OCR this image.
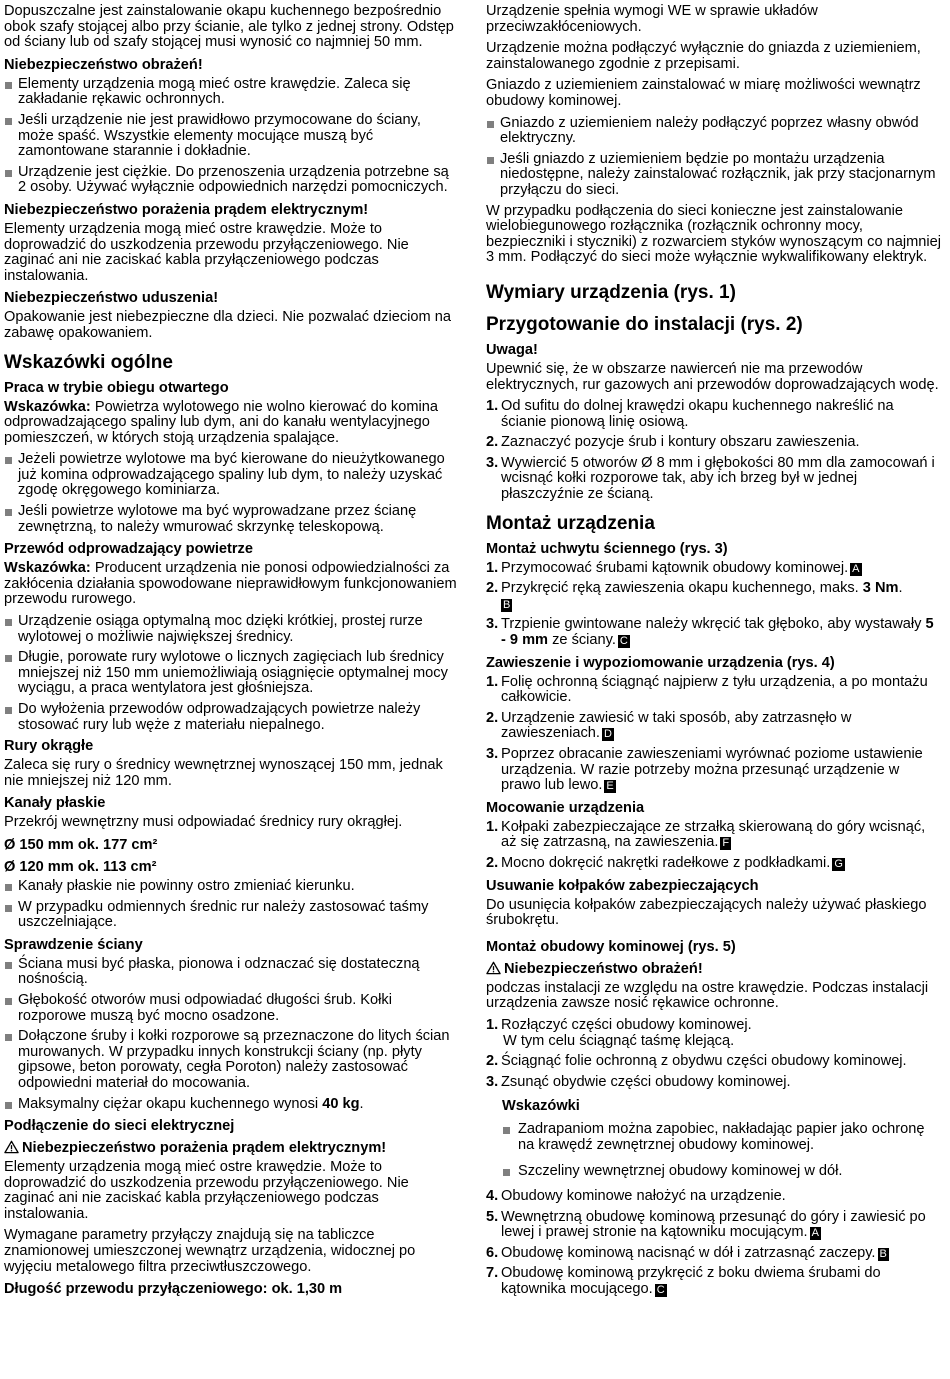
Dopuszczalne jest zainstalowanie okapu kuchennego bezpośrednio obok szafy stojącej albo przy ścianie, ale tylko z jednej strony. Odstęp od ściany lub od szafy stojącej musi wynosić co najmniej 50 mm.

Niebezpieczeństwo obrażeń!
Elementy urządzenia mogą mieć ostre krawędzie. Zaleca się zakładanie rękawic ochronnych.
Jeśli urządzenie nie jest prawidłowo przymocowane do ściany, może spaść. Wszystkie elementy mocujące muszą być zamontowane starannie i dokładnie.
Urządzenie jest ciężkie. Do przenoszenia urządzenia potrzebne są 2 osoby. Używać wyłącznie odpowiednich narzędzi pomocniczych.
Niebezpieczeństwo porażenia prądem elektrycznym!

Elementy urządzenia mogą mieć ostre krawędzie. Może to doprowadzić do uszkodzenia przewodu przyłączeniowego. Nie zaginać ani nie zaciskać kabla przyłączeniowego podczas instalowania.

Niebezpieczeństwo uduszenia!

Opakowanie jest niebezpieczne dla dzieci. Nie pozwalać dzieciom na zabawę opakowaniem.

Wskazówki ogólne
Praca w trybie obiegu otwartego

Wskazówka: Powietrza wylotowego nie wolno kierować do komina odprowadzającego spaliny lub dym, ani do kanału wentylacyjnego pomieszczeń, w których stoją urządzenia spalające.

Jeżeli powietrze wylotowe ma być kierowane do nieużytkowanego już komina odprowadzającego spaliny lub dym, to należy uzyskać zgodę okręgowego kominiarza.
Jeśli powietrze wylotowe ma być wyprowadzane przez ścianę zewnętrzną, to należy wmurować skrzynkę teleskopową.
Przewód odprowadzający powietrze

Wskazówka: Producent urządzenia nie ponosi odpowiedzialności za zakłócenia działania spowodowane nieprawidłowym funkcjonowaniem przewodu rurowego.

Urządzenie osiąga optymalną moc dzięki krótkiej, prostej rurze wylotowej o możliwie największej średnicy.
Długie, porowate rury wylotowe o licznych zagięciach lub średnicy mniejszej niż 150 mm uniemożliwiają osiągnięcie optymalnej mocy wyciągu, a praca wentylatora jest głośniejsza.
Do wyłożenia przewodów odprowadzających powietrze należy stosować rury lub węże z materiału niepalnego.
Rury okrągłe

Zaleca się rury o średnicy wewnętrznej wynoszącej 150 mm, jednak nie mniejszej niż 120 mm.

Kanały płaskie

Przekrój wewnętrzny musi odpowiadać średnicy rury okrągłej.

Ø 150 mm ok. 177 cm²
Ø 120 mm ok. 113 cm²
Kanały płaskie nie powinny ostro zmieniać kierunku.
W przypadku odmiennych średnic rur należy zastosować taśmy uszczelniające.
Sprawdzenie ściany
Ściana musi być płaska, pionowa i odznaczać się dostateczną nośnością.
Głębokość otworów musi odpowiadać długości śrub. Kołki rozporowe muszą być mocno osadzone.
Dołączone śruby i kołki rozporowe są przeznaczone do litych ścian murowanych. W przypadku innych konstrukcji ściany (np. płyty gipsowe, beton porowaty, cegła Poroton) należy zastosować odpowiedni materiał do mocowania.
Maksymalny ciężar okapu kuchennego wynosi 40 kg.
Podłączenie do sieci elektrycznej
Niebezpieczeństwo porażenia prądem elektrycznym!

Elementy urządzenia mogą mieć ostre krawędzie. Może to doprowadzić do uszkodzenia przewodu przyłączeniowego. Nie zaginać ani nie zaciskać kabla przyłączeniowego podczas instalowania.

Wymagane parametry przyłączy znajdują się na tabliczce znamionowej umieszczonej wewnątrz urządzenia, widocznej po wyjęciu metalowego filtra przeciwtłuszczowego.

Długość przewodu przyłączeniowego: ok. 1,30 m

Urządzenie spełnia wymogi WE w sprawie układów przeciwzakłóceniowych.

Urządzenie można podłączyć wyłącznie do gniazda z uziemieniem, zainstalowanego zgodnie z przepisami.

Gniazdo z uziemieniem zainstalować w miarę możliwości wewnątrz obudowy kominowej.

Gniazdo z uziemieniem należy podłączyć poprzez własny obwód elektryczny.
Jeśli gniazdo z uziemieniem będzie po montażu urządzenia niedostępne, należy zainstalować rozłącznik, jak przy stacjonarnym przyłączu do sieci.

W przypadku podłączenia do sieci konieczne jest zainstalowanie wielobiegunowego rozłącznika (rozłącznik ochronny mocy, bezpieczniki i styczniki) z rozwarciem styków wynoszącym co najmniej 3 mm. Podłączyć do sieci może wyłącznie wykwalifikowany elektryk.

Wymiary urządzenia (rys. 1)
Przygotowanie do instalacji (rys. 2)
Uwaga!

Upewnić się, że w obszarze nawierceń nie ma przewodów elektrycznych, rur gazowych ani przewodów doprowadzających wodę.

1. Od sufitu do dolnej krawędzi okapu kuchennego nakreślić na ścianie pionową linię osiową.
2. Zaznaczyć pozycje śrub i kontury obszaru zawieszenia.
3. Wywiercić 5 otworów Ø 8 mm i głębokości 80 mm dla zamocowań i wcisnąć kołki rozporowe tak, aby ich brzeg był w jednej płaszczyźnie ze ścianą.
Montaż urządzenia
Montaż uchwytu ściennego (rys. 3)
1. Przymocować śrubami kątownik obudowy kominowej. A
2. Przykręcić ręką zawieszenia okapu kuchennego, maks. 3 Nm.
B
3. Trzpienie gwintowane należy wkręcić tak głęboko, aby wystawały 5 - 9 mm ze ściany. C
Zawieszenie i wypoziomowanie urządzenia (rys. 4)
1. Folię ochronną ściągnąć najpierw z tyłu urządzenia, a po montażu całkowicie.
2. Urządzenie zawiesić w taki sposób, aby zatrzasnęło w zawieszeniach. D
3. Poprzez obracanie zawieszeniami wyrównać poziome ustawienie urządzenia. W razie potrzeby można przesunąć urządzenie w prawo lub lewo. E
Mocowanie urządzenia
1. Kołpaki zabezpieczające ze strzałką skierowaną do góry wcisnąć, aż się zatrzasną, na zawieszenia. F
2. Mocno dokręcić nakrętki radełkowe z podkładkami. G
Usuwanie kołpaków zabezpieczających

Do usunięcia kołpaków zabezpieczających należy używać płaskiego śrubokrętu.

Montaż obudowy kominowej (rys. 5)
Niebezpieczeństwo obrażeń!

podczas instalacji ze względu na ostre krawędzie. Podczas instalacji urządzenia zawsze nosić rękawice ochronne.

1. Rozłączyć części obudowy kominowej.
W tym celu ściągnąć taśmę klejącą.
2. Ściągnąć folie ochronną z obydwu części obudowy kominowej.
3. Zsunąć obydwie części obudowy kominowej.
Wskazówki
Zadrapaniom można zapobiec, nakładając papier jako ochronę na krawędź zewnętrznej obudowy kominowej.
Szczeliny wewnętrznej obudowy kominowej w dół.
4. Obudowy kominowe nałożyć na urządzenie.
5. Wewnętrzną obudowę kominową przesunąć do góry i zawiesić po lewej i prawej stronie na kątowniku mocującym. A
6. Obudowę kominową nacisnąć w dół i zatrzasnąć zaczepy. B
7. Obudowę kominową przykręcić z boku dwiema śrubami do kątownika mocującego. C
